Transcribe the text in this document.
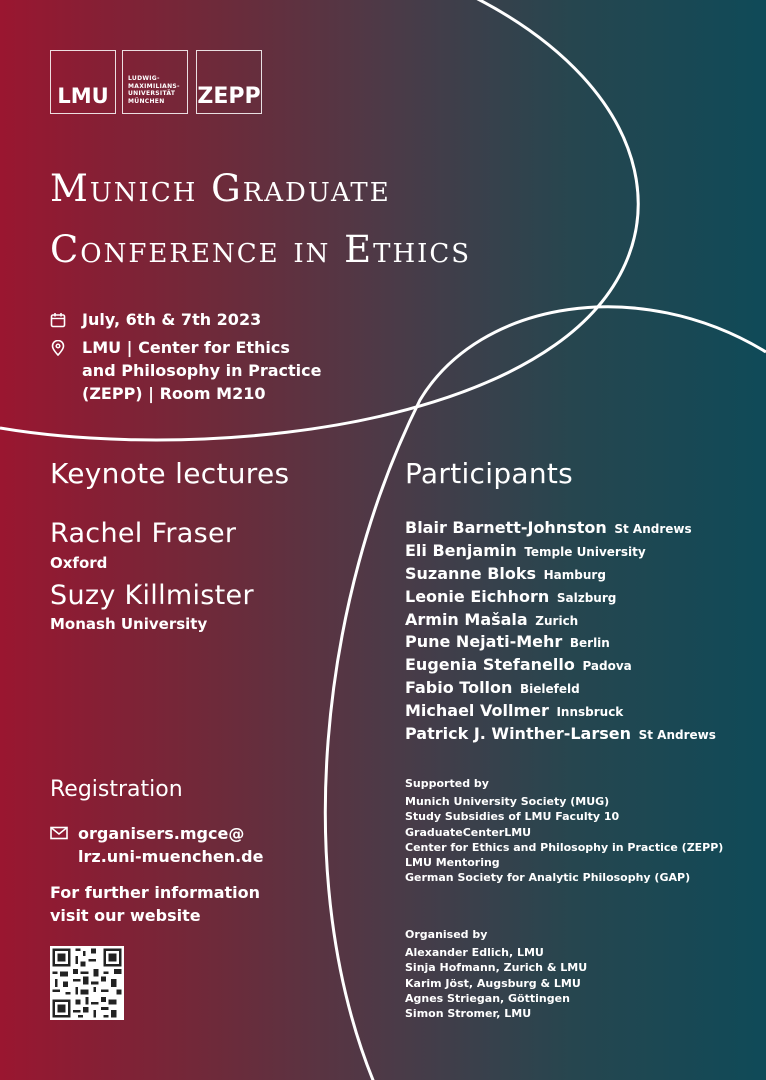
LMU
LUDWIG-
MAXIMILIANS-
UNIVERSITÄT
MÜNCHEN	ZEPP
Munich Graduate
Conference in Ethics
July, 6th & 7th 2023
LMU | Center for Ethics
and Philosophy in Practice
(ZEPP) | Room M210
Keynote lectures
Rachel Fraser
Oxford
Suzy Killmister
Monash University
Participants
Blair Barnett-Johnston St Andrews
Eli Benjamin Temple University
Suzanne Bloks Hamburg
Leonie Eichhorn Salzburg
Armin Mašala Zurich
Pune Nejati-Mehr Berlin
Eugenia Stefanello Padova
Fabio Tollon Bielefeld
Michael Vollmer Innsbruck
Patrick J. Winther-Larsen St Andrews
Supported by
Munich University Society (MUG)
Study Subsidies of LMU Faculty 10
GraduateCenterLMU
Center for Ethics and Philosophy in Practice (ZEPP)
LMU Mentoring
German Society for Analytic Philosophy (GAP)
Organised by
Alexander Edlich, LMU
Sinja Hofmann, Zurich & LMU
Karim Jöst, Augsburg & LMU
Agnes Striegan, Göttingen
Simon Stromer, LMU
Registration
organisers.mgce@
lrz.uni-muenchen.de
For further information
visit our website
